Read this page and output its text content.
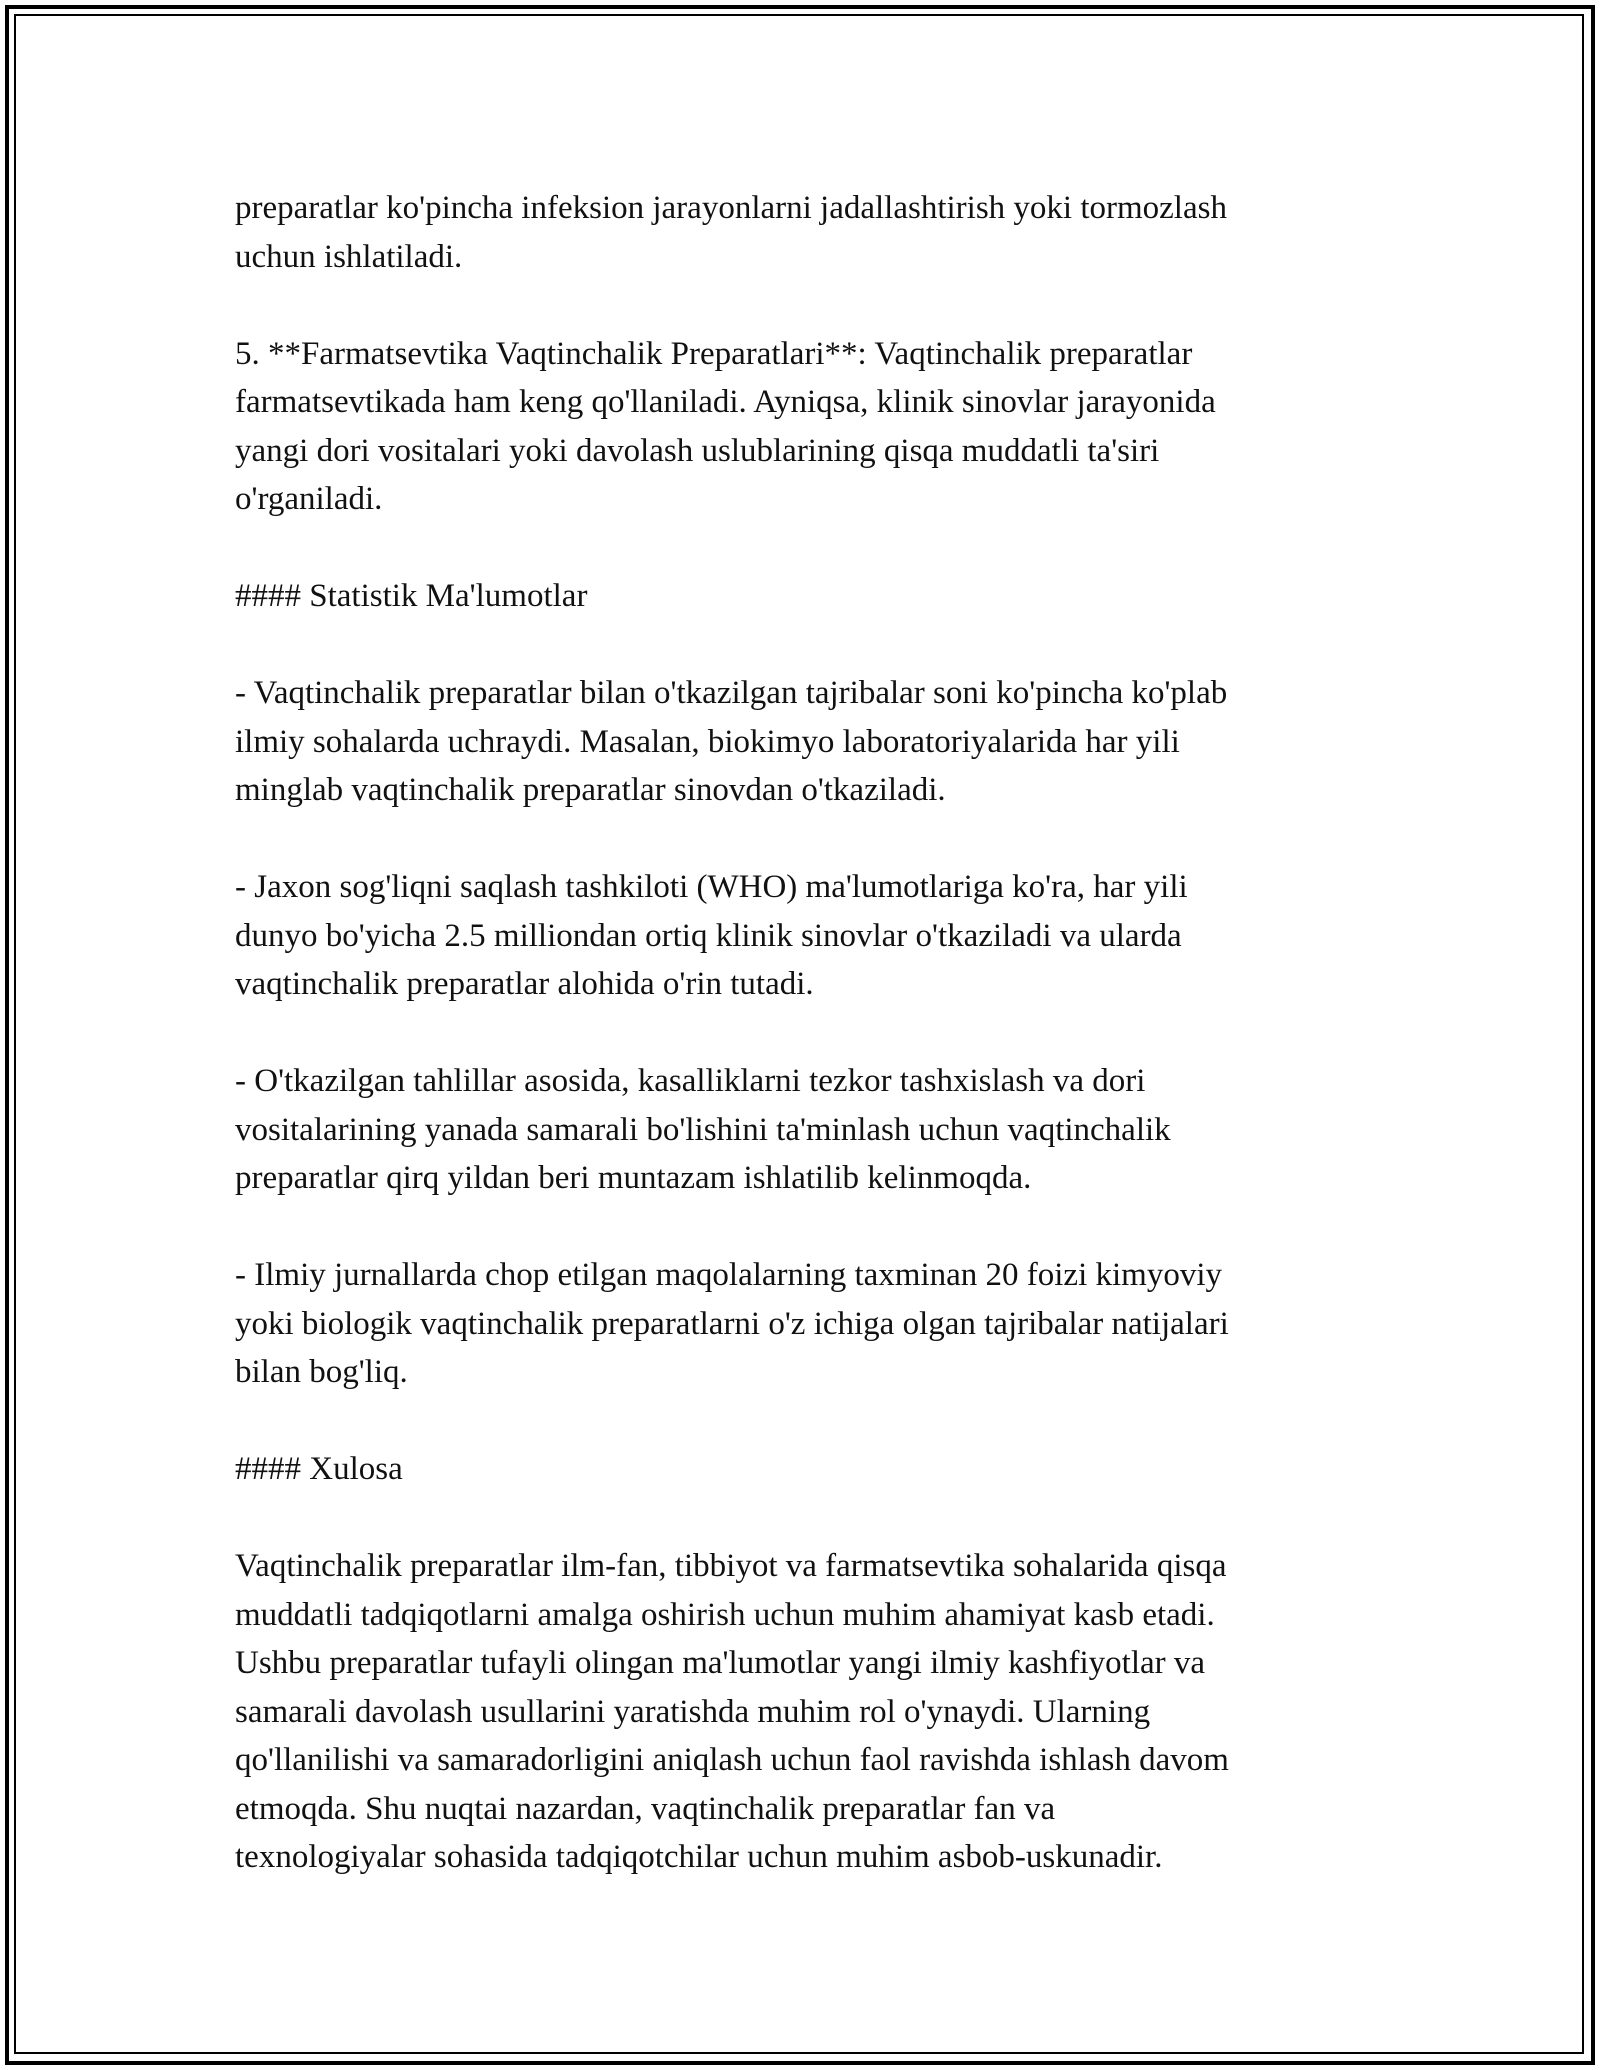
preparatlar ko'pincha infeksion jarayonlarni jadallashtirish yoki tormozlash
uchun ishlatiladi.

5. **Farmatsevtika Vaqtinchalik Preparatlari**: Vaqtinchalik preparatlar
farmatsevtikada ham keng qo'llaniladi. Ayniqsa, klinik sinovlar jarayonida
yangi dori vositalari yoki davolash uslublarining qisqa muddatli ta'siri
o'rganiladi.

#### Statistik Ma'lumotlar

- Vaqtinchalik preparatlar bilan o'tkazilgan tajribalar soni ko'pincha ko'plab
ilmiy sohalarda uchraydi. Masalan, biokimyo laboratoriyalarida har yili
minglab vaqtinchalik preparatlar sinovdan o'tkaziladi.

- Jaxon sog'liqni saqlash tashkiloti (WHO) ma'lumotlariga ko'ra, har yili
dunyo bo'yicha 2.5 milliondan ortiq klinik sinovlar o'tkaziladi va ularda
vaqtinchalik preparatlar alohida o'rin tutadi.

- O'tkazilgan tahlillar asosida, kasalliklarni tezkor tashxislash va dori
vositalarining yanada samarali bo'lishini ta'minlash uchun vaqtinchalik
preparatlar qirq yildan beri muntazam ishlatilib kelinmoqda.

- Ilmiy jurnallarda chop etilgan maqolalarning taxminan 20 foizi kimyoviy
yoki biologik vaqtinchalik preparatlarni o'z ichiga olgan tajribalar natijalari
bilan bog'liq.

#### Xulosa

Vaqtinchalik preparatlar ilm-fan, tibbiyot va farmatsevtika sohalarida qisqa
muddatli tadqiqotlarni amalga oshirish uchun muhim ahamiyat kasb etadi.
Ushbu preparatlar tufayli olingan ma'lumotlar yangi ilmiy kashfiyotlar va
samarali davolash usullarini yaratishda muhim rol o'ynaydi. Ularning
qo'llanilishi va samaradorligini aniqlash uchun faol ravishda ishlash davom
etmoqda. Shu nuqtai nazardan, vaqtinchalik preparatlar fan va
texnologiyalar sohasida tadqiqotchilar uchun muhim asbob-uskunadir.
